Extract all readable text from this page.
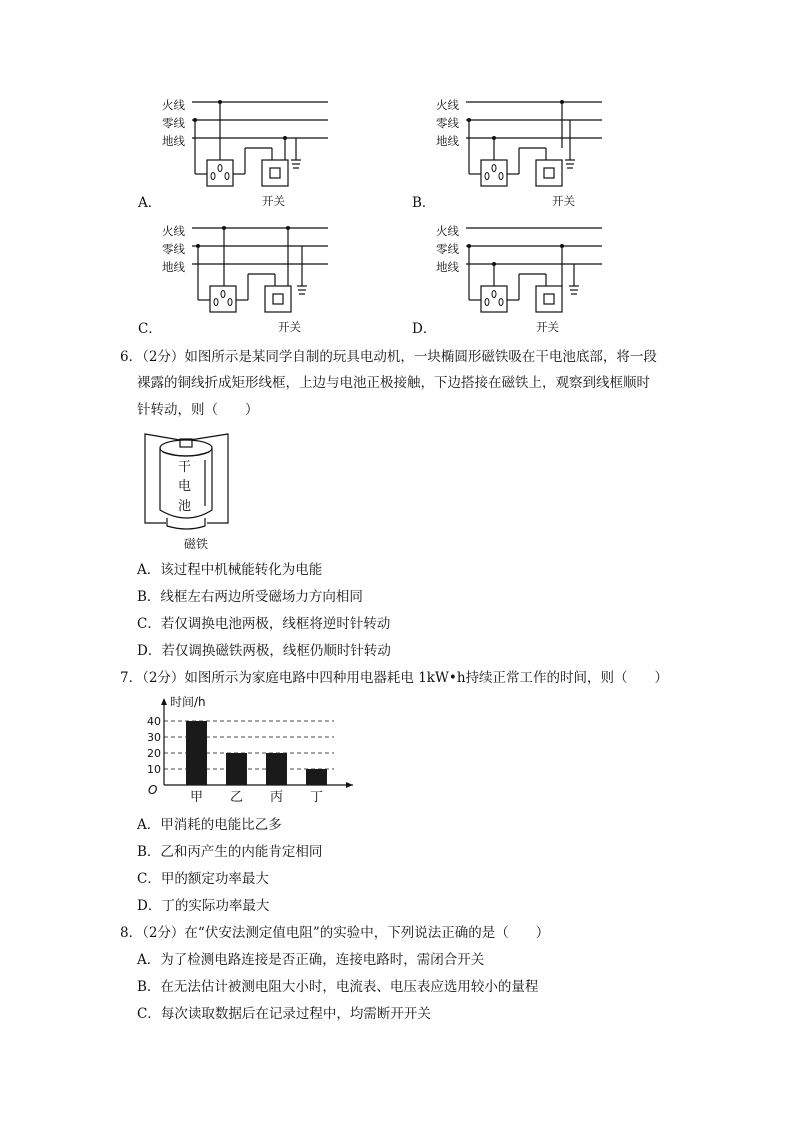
火线
零线
地线
开关
A．
火线
零线
地线
开关
B．
火线
零线
地线
开关
C．
火线
零线
地线
开关
D．
6．（2分）如图所示是某同学自制的玩具电动机，一块椭圆形磁铁吸在干电池底部，将一段
裸露的铜线折成矩形线框，上边与电池正极接触，下边搭接在磁铁上，观察到线框顺时
针转动，则（　　）
干
电
池
磁铁
A．该过程中机械能转化为电能
B．线框左右两边所受磁场力方向相同
C．若仅调换电池两极，线框将逆时针转动
D．若仅调换磁铁两极，线框仍顺时针转动
7．（2分）如图所示为家庭电路中四种用电器耗电 1kW•h持续正常工作的时间，则（　　）
时间/h
O
10
20
30
40
甲 乙 丙 丁
A．甲消耗的电能比乙多
B．乙和丙产生的内能肯定相同
C．甲的额定功率最大
D．丁的实际功率最大
8．（2分）在“伏安法测定值电阻”的实验中，下列说法正确的是（　　）
A．为了检测电路连接是否正确，连接电路时，需闭合开关
B．在无法估计被测电阻大小时，电流表、电压表应选用较小的量程
C．每次读取数据后在记录过程中，均需断开开关
